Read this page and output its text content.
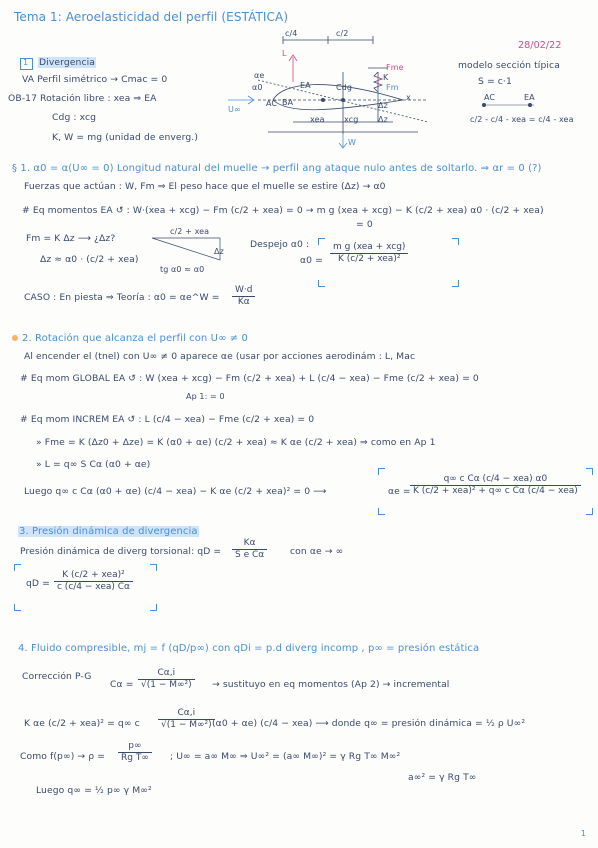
Tema 1: Aeroelasticidad del perfil (ESTÁTICA)
28/02/22
1 Divergencia
VA Perfil simétrico → Cmac = 0
OB-17 Rotación libre : xea ⇒ EA
Cdg : xcg
K, W = mg (unidad de enverg.)
c/4	c/2
L
Fme
Fm
K
αe
α0	EA	Cdg
BA
AC
x
Δz
Δz
U∞
xea xcg
W
modelo sección típica
S = c·1
AC	EA
c/2 - c/4 - xea = c/4 - xea
§ 1. α0 = α(U∞ = 0) Longitud natural del muelle → perfil ang ataque nulo antes de soltarlo. ⇒ αr = 0 (?)
Fuerzas que actúan : W, Fm ⇒ El peso hace que el muelle se estire (Δz) → α0
# Eq momentos EA ↺ : W·(xea + xcg) − Fm (c/2 + xea) = 0 → m g (xea + xcg) − K (c/2 + xea) α0 · (c/2 + xea)
= 0
Fm = K Δz ⟶ ¿Δz?
c/2 + xea
Δz
tg α0 ≈ α0
Δz ≈ α0 · (c/2 + xea)
Despejo α0 :
α0 =
m g (xea + xcg)
K (c/2 + xea)²
CASO : En piesta ⇒ Teoría : α0 = αe^W = $\frac{W\cdot d}{K\alpha}$
2. Rotación que alcanza el perfil con U∞ ≠ 0
Al encender el (tnel) con U∞ ≠ 0 aparece αe (usar por acciones aerodinám : L, Mac
# Eq mom GLOBAL EA ↺ : W (xea + xcg) − Fm (c/2 + xea) + L (c/4 − xea) − Fme (c/2 + xea) = 0
Ap 1: = 0
# Eq mom INCREM EA ↺ : L (c/4 − xea) − Fme (c/2 + xea) = 0
» Fme = K (Δz0 + Δze) = K (α0 + αe) (c/2 + xea) ≈ K αe (c/2 + xea) ⇒ como en Ap 1
» L = q∞ S Cα (α0 + αe)
Luego q∞ c Cα (α0 + αe) (c/4 − xea) − K αe (c/2 + xea)² = 0 ⟶	αe =
q∞ c Cα (c/4 − xea) α0
K (c/2 + xea)² + q∞ c Cα (c/4 − xea)
3. Presión dinámica de divergencia
Presión dinámica de diverg torsional: qD = $\frac{K\alpha}{\text{S e Cα}}$ con αe → ∞
qD =
K (c/2 + xea)²
c (c/4 − xea) Cα
4. Fluido compresible, mj = f (qD/p∞) con qDi = p.d diverg incomp , p∞ = presión estática
Corrección P-G
$C\alpha = \frac{C\alpha,i}{\text{√(1 − M∞²)}}$ → sustituyo en eq momentos (Ap 2) → incremental
K αe (c/2 + xea)² = q∞ c $\frac{C\alpha,i}{\text{√(1 − M∞²)}}$
(α0 + αe) (c/4 − xea) ⟶ donde q∞ = presión dinámica = ½ ρ U∞²
Como $f(p\infty) \to \rho = \frac{p\infty}{\text{Rg T∞}}$ ; U∞ = a∞ M∞ ⇒ U∞² = (a∞ M∞)² = γ Rg T∞ M∞²
a∞² = γ Rg T∞
Luego q∞ = ½ p∞ γ M∞²
1
